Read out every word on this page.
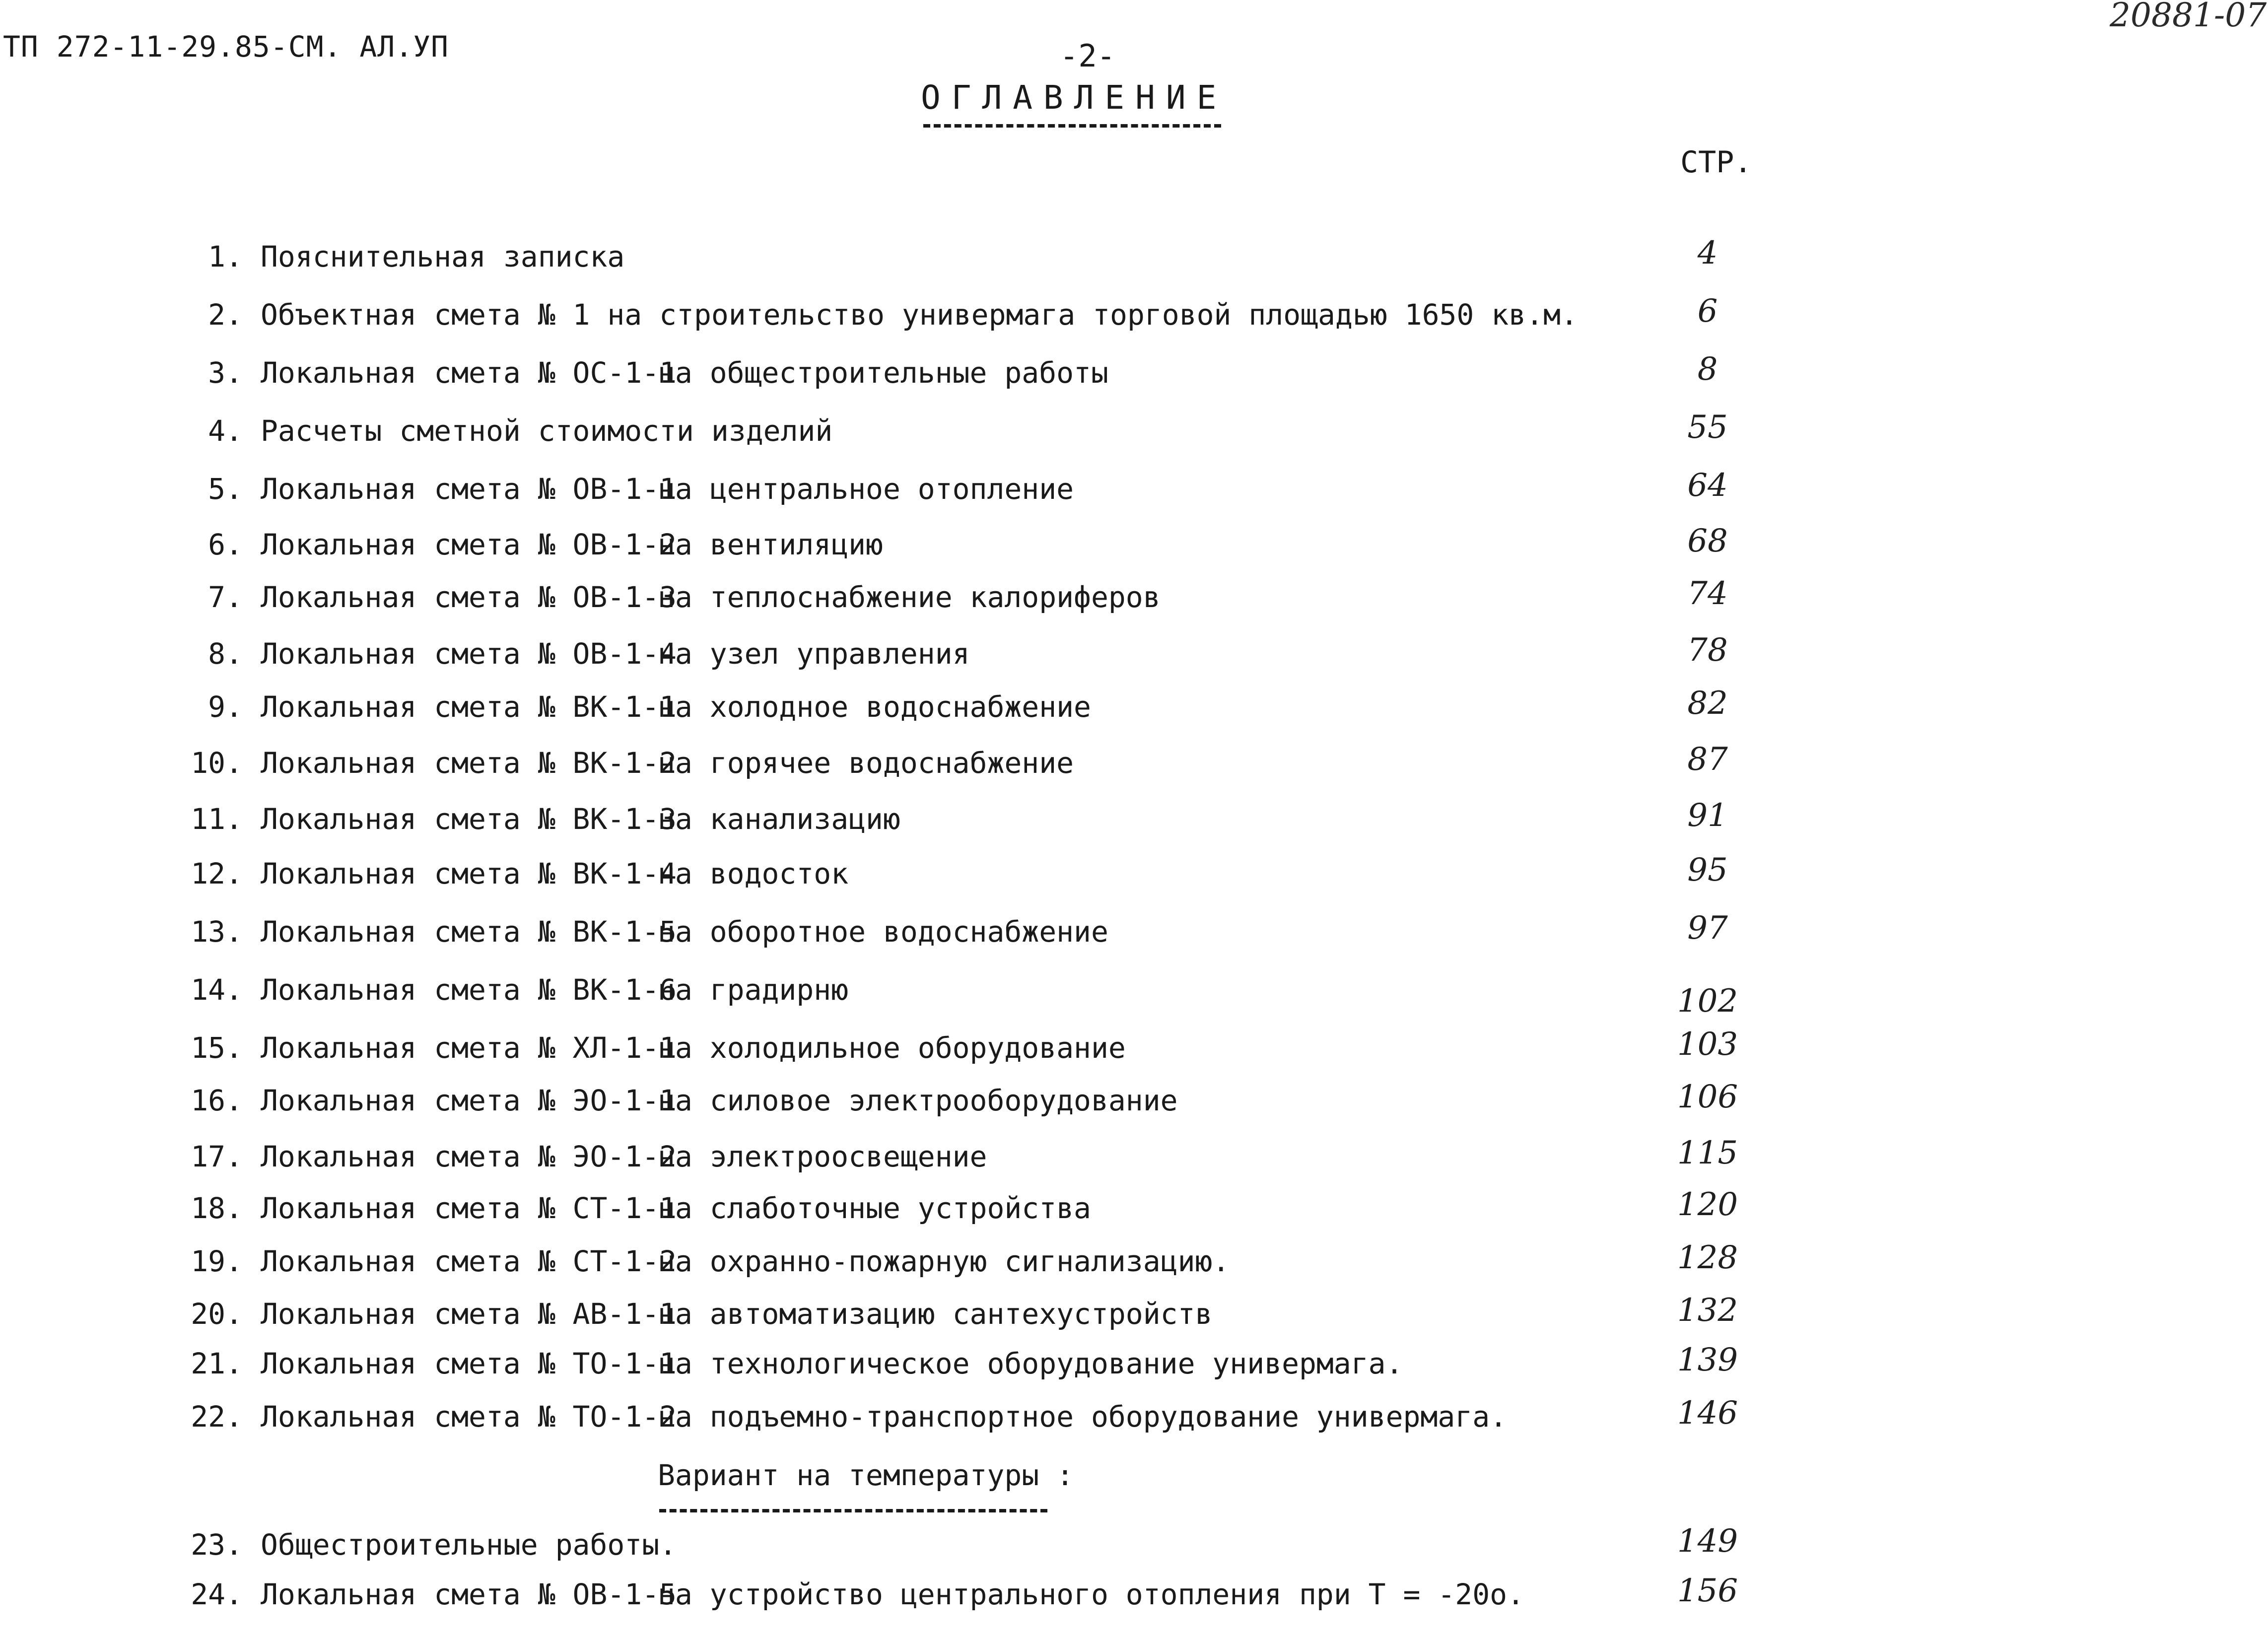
ТП 272-11-29.85-СМ. АЛ.УП	-2-
20881-07
ОГЛАВЛЕНИЕ
СТР.
1. Пояснительная записка	4
2. Объектная смета № 1 на строительство универмага торговой площадью 1650 кв.м.	6
3. Локальная смета № ОС-1-1
на общестроительные работы	8
4. Расчеты сметной стоимости изделий	55
5. Локальная смета № ОВ-1-1
на центральное отопление	64
6. Локальная смета № ОВ-1-2
на вентиляцию	68
7. Локальная смета № ОВ-1-3
на теплоснабжение калориферов	74
8. Локальная смета № ОВ-1-4
на узел управления	78
9. Локальная смета № ВК-1-1
на холодное водоснабжение	82
10. Локальная смета № ВК-1-2
на горячее водоснабжение	87
11. Локальная смета № ВК-1-3
на канализацию	91
12. Локальная смета № ВК-1-4
на водосток	95
13. Локальная смета № ВК-1-5
на оборотное водоснабжение	97
14. Локальная смета № ВК-1-6
на градирню	102
15. Локальная смета № ХЛ-1-1
на холодильное оборудование	103
16. Локальная смета № ЭО-1-1
на силовое электрооборудование	106
17. Локальная смета № ЭО-1-2
на электроосвещение	115
18. Локальная смета № СТ-1-1
на слаботочные устройства	120
19. Локальная смета № СТ-1-2
на охранно-пожарную сигнализацию.	128
20. Локальная смета № АВ-1-1
на автоматизацию сантехустройств	132
21. Локальная смета № ТО-1-1
на технологическое оборудование универмага.	139
22. Локальная смета № ТО-1-2
на подъемно-транспортное оборудование универмага.	146
Вариант на температуры :
23. Общестроительные работы.	149
24. Локальная смета № ОВ-1-5
на устройство центрального отопления при Т = -20о.	156
